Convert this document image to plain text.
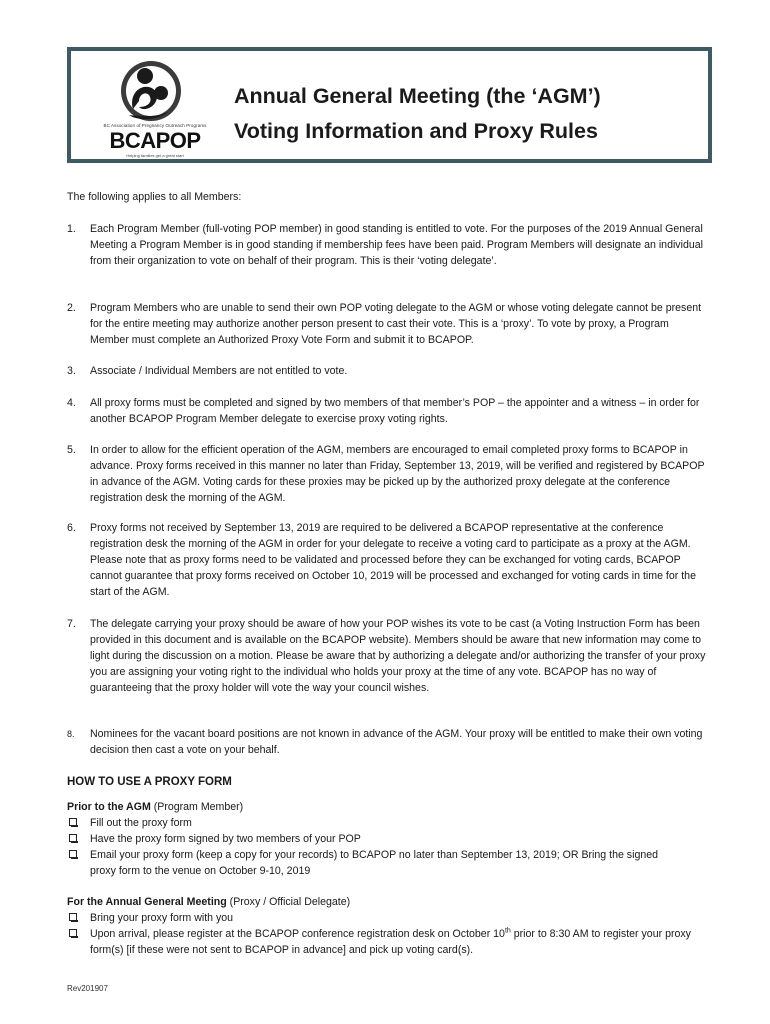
BC Association of Pregnancy Outreach Programs
BCAPOP
Helping families get a great start
Annual General Meeting (the ‘AGM’)
Voting Information and Proxy Rules
The following applies to all Members:
1. Each Program Member (full-voting POP member) in good standing is entitled to vote. For the purposes of the 2019 Annual General Meeting a Program Member is in good standing if membership fees have been paid. Program Members will designate an individual from their organization to vote on behalf of their program. This is their ‘voting delegate’.
2. Program Members who are unable to send their own POP voting delegate to the AGM or whose voting delegate cannot be present for the entire meeting may authorize another person present to cast their vote. This is a ‘proxy’. To vote by proxy, a Program Member must complete an Authorized Proxy Vote Form and submit it to BCAPOP.
3. Associate / Individual Members are not entitled to vote.
4. All proxy forms must be completed and signed by two members of that member’s POP – the appointer and a witness – in order for another BCAPOP Program Member delegate to exercise proxy voting rights.
5. In order to allow for the efficient operation of the AGM, members are encouraged to email completed proxy forms to BCAPOP in advance. Proxy forms received in this manner no later than Friday, September 13, 2019, will be verified and registered by BCAPOP in advance of the AGM. Voting cards for these proxies may be picked up by the authorized proxy delegate at the conference registration desk the morning of the AGM.
6. Proxy forms not received by September 13, 2019 are required to be delivered a BCAPOP representative at the conference registration desk the morning of the AGM in order for your delegate to receive a voting card to participate as a proxy at the AGM. Please note that as proxy forms need to be validated and processed before they can be exchanged for voting cards, BCAPOP cannot guarantee that proxy forms received on October 10, 2019 will be processed and exchanged for voting cards in time for the start of the AGM.
7. The delegate carrying your proxy should be aware of how your POP wishes its vote to be cast (a Voting Instruction Form has been provided in this document and is available on the BCAPOP website). Members should be aware that new information may come to light during the discussion on a motion. Please be aware that by authorizing a delegate and/or authorizing the transfer of your proxy you are assigning your voting right to the individual who holds your proxy at the time of any vote. BCAPOP has no way of guaranteeing that the proxy holder will vote the way your council wishes.
8. Nominees for the vacant board positions are not known in advance of the AGM. Your proxy will be entitled to make their own voting decision then cast a vote on your behalf.
HOW TO USE A PROXY FORM
Prior to the AGM (Program Member)
Fill out the proxy form
Have the proxy form signed by two members of your POP
Email your proxy form (keep a copy for your records) to BCAPOP no later than September 13, 2019; OR Bring the signed proxy form to the venue on October 9-10, 2019
For the Annual General Meeting (Proxy / Official Delegate)
Bring your proxy form with you
Upon arrival, please register at the BCAPOP conference registration desk on October 10th prior to 8:30 AM to register your proxy form(s) [if these were not sent to BCAPOP in advance] and pick up voting card(s).
Rev201907
